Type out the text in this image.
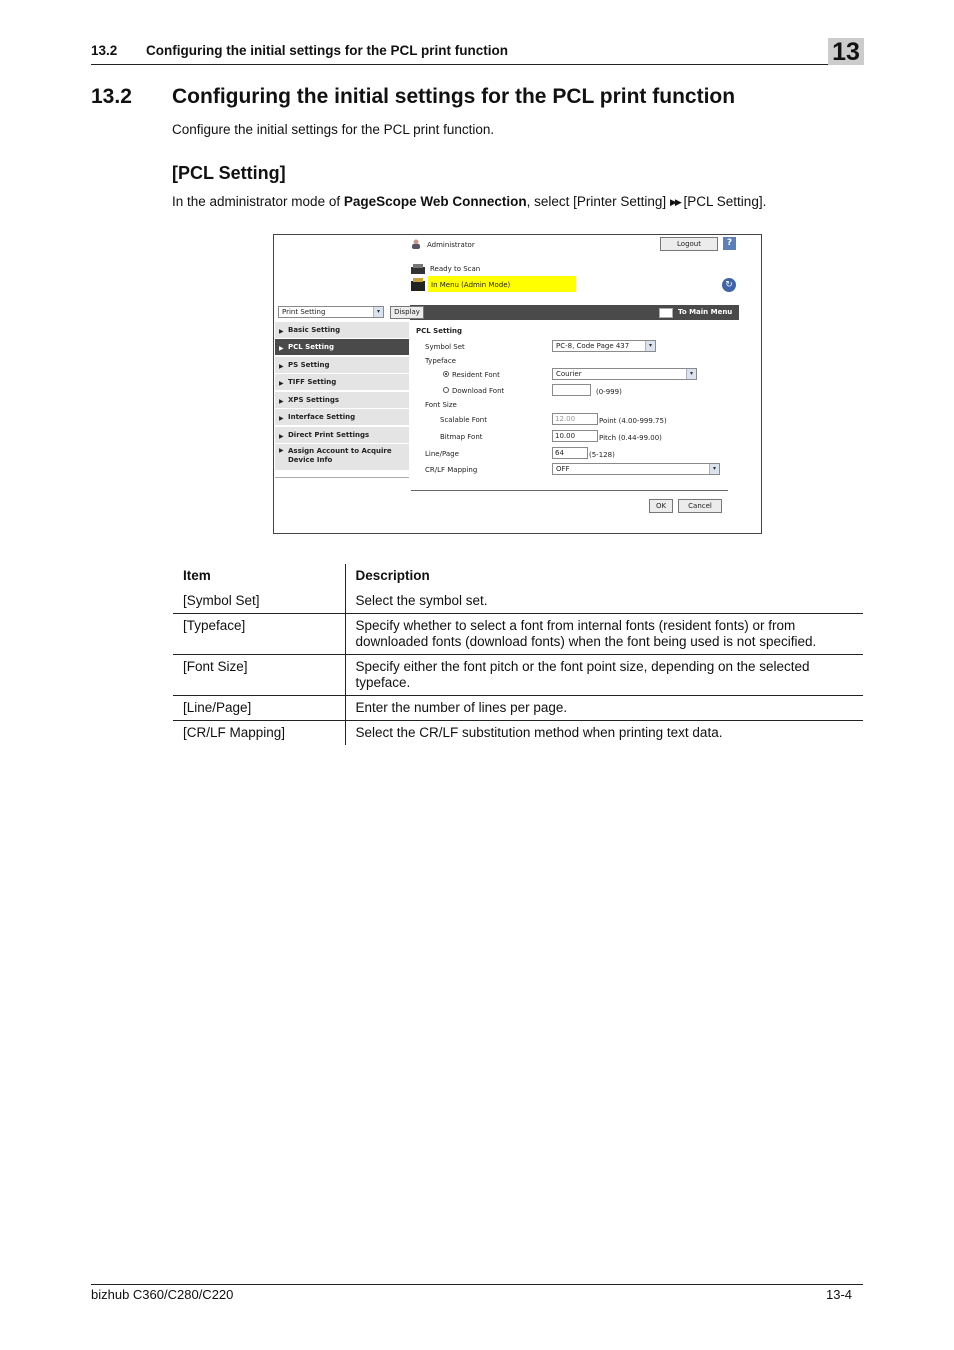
13.2 Configuring the initial settings for the PCL print function	13
13.2 Configuring the initial settings for the PCL print function
Configure the initial settings for the PCL print function.
[PCL Setting]
In the administrator mode of PageScope Web Connection, select [Printer Setting] ▶▶ [PCL Setting].
Administrator	Logout	?
Ready to Scan
In Menu (Admin Mode)	↻
Print Setting	▾	Display	To Main Menu
▶ Basic Setting
▶ PCL Setting
▶ PS Setting
▶ TIFF Setting
▶ XPS Settings
▶ Interface Setting
▶ Direct Print Settings
▶ Assign Account to Acquire Device Info
PCL Setting
Symbol Set	PC-8, Code Page 437	▾
Typeface
Resident Font	Courier	▾
Download Font	(0-999)
Font Size
Scalable Font	12.00	Point (4.00-999.75)
Bitmap Font	10.00	Pitch (0.44-99.00)
Line/Page	64	(5-128)
CR/LF Mapping	OFF	▾
OK	Cancel
Item	Description
[Symbol Set]	Select the symbol set.
[Typeface]	Specify whether to select a font from internal fonts (resident fonts) or from downloaded fonts (download fonts) when the font being used is not specified.
[Font Size]	Specify either the font pitch or the font point size, depending on the selected typeface.
[Line/Page]	Enter the number of lines per page.
[CR/LF Mapping]	Select the CR/LF substitution method when printing text data.
bizhub C360/C280/C220	13-4
